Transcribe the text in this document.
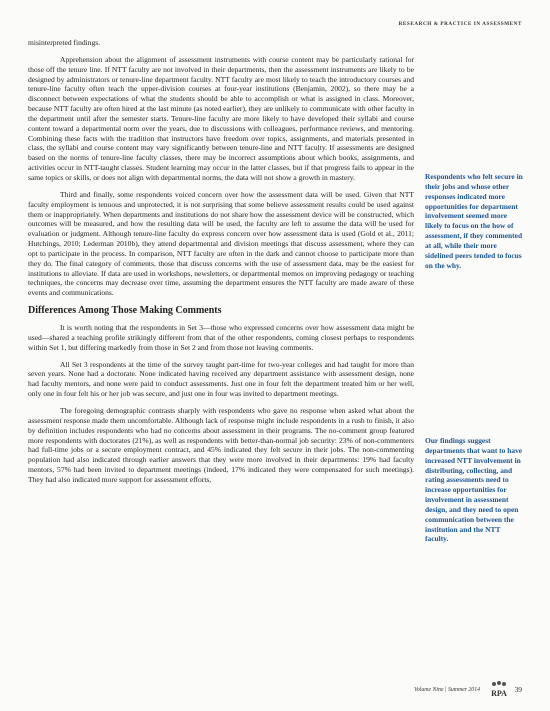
RESEARCH & PRACTICE IN ASSESSMENT

misinterpreted findings.

Apprehension about the alignment of assessment instruments with course content may be particularly rational for those off the tenure line. If NTT faculty are not involved in their departments, then the assessment instruments are likely to be designed by administrators or tenure-line department faculty. NTT faculty are most likely to teach the introductory courses and tenure-line faculty often teach the upper-division courses at four-year institutions (Benjamin, 2002), so there may be a disconnect between expectations of what the students should be able to accomplish or what is assigned in class. Moreover, because NTT faculty are often hired at the last minute (as noted earlier), they are unlikely to communicate with other faculty in the department until after the semester starts. Tenure-line faculty are more likely to have developed their syllabi and course content toward a departmental norm over the years, due to discussions with colleagues, performance reviews, and mentoring. Combining these facts with the tradition that instructors have freedom over topics, assignments, and materials presented in class, the syllabi and course content may vary significantly between tenure-line and NTT faculty. If assessments are designed based on the norms of tenure-line faculty classes, there may be incorrect assumptions about which books, assignments, and activities occur in NTT-taught classes. Student learning may occur in the latter classes, but if that progress fails to appear in the same topics or skills, or does not align with departmental norms, the data will not show a growth in mastery.

Third and finally, some respondents voiced concern over how the assessment data will be used. Given that NTT faculty employment is tenuous and unprotected, it is not surprising that some believe assessment results could be used against them or inappropriately. When departments and institutions do not share how the assessment device will be constructed, which outcomes will be measured, and how the resulting data will be used, the faculty are left to assume the data will be used for evaluation or judgment. Although tenure-line faculty do express concern over how assessment data is used (Gold et al., 2011; Hutchings, 2010; Lederman 2010b), they attend departmental and division meetings that discuss assessment, where they can opt to participate in the process. In comparison, NTT faculty are often in the dark and cannot choose to participate more than they do. The final category of comments, those that discuss concerns with the use of assessment data, may be the easiest for institutions to alleviate. If data are used in workshops, newsletters, or departmental memos on improving pedagogy or teaching techniques, the concerns may decrease over time, assuming the department ensures the NTT faculty are made aware of these events and communications.

Differences Among Those Making Comments

It is worth noting that the respondents in Set 3—those who expressed concerns over how assessment data might be used—shared a teaching profile strikingly different from that of the other respondents, coming closest perhaps to respondents within Set 1, but differing markedly from those in Set 2 and from those not leaving comments.

All Set 3 respondents at the time of the survey taught part-time for two-year colleges and had taught for more than seven years. None had a doctorate. None indicated having received any department assistance with assessment design, none had faculty mentors, and none were paid to conduct assessments. Just one in four felt the department treated him or her well, only one in four felt his or her job was secure, and just one in four was invited to department meetings.

The foregoing demographic contrasts sharply with respondents who gave no response when asked what about the assessment response made them uncomfortable. Although lack of response might include respondents in a rush to finish, it also by definition includes respondents who had no concerns about assessment in their programs. The no-comment group featured more respondents with doctorates (21%), as well as respondents with better-than-normal job security: 23% of non-commenters had full-time jobs or a secure employment contract, and 45% indicated they felt secure in their jobs. The non-commenting population had also indicated through earlier answers that they were more involved in their departments: 19% had faculty mentors, 57% had been invited to department meetings (indeed, 17% indicated they were compensated for such meetings). They had also indicated more support for assessment efforts,

Respondents who felt secure in their jobs and whose other responses indicated more opportunities for department involvement seemed more likely to focus on the how of assessment, if they commented at all, while their more sidelined peers tended to focus on the why.
Our findings suggest departments that want to have increased NTT involvement in distributing, collecting, and rating assessments need to increase opportunities for involvement in assessment design, and they need to open communication between the institution and the NTT faculty.
Volume Nine | Summer 2014 RPA 39
